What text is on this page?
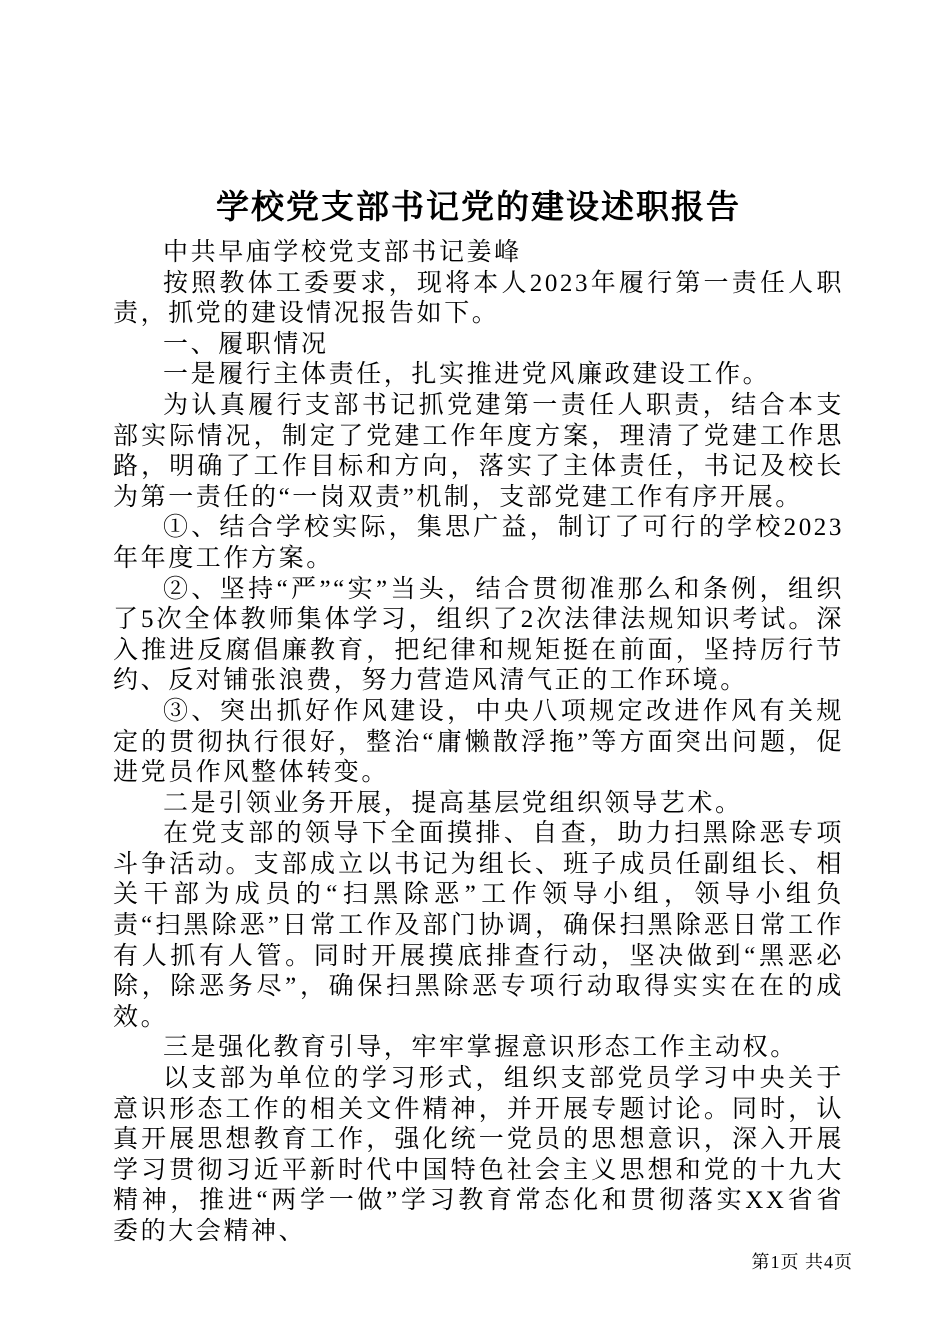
学校党支部书记党的建设述职报告

中共早庙学校党支部书记姜峰

按照教体工委要求，现将本人2023年履行第一责任人职责，抓党的建设情况报告如下。

一、履职情况

一是履行主体责任，扎实推进党风廉政建设工作。

为认真履行支部书记抓党建第一责任人职责，结合本支部实际情况，制定了党建工作年度方案，理清了党建工作思路，明确了工作目标和方向，落实了主体责任，书记及校长为第一责任的“一岗双责”机制，支部党建工作有序开展。

①、结合学校实际，集思广益，制订了可行的学校2023年年度工作方案。

②、坚持“严”“实”当头，结合贯彻准那么和条例，组织了5次全体教师集体学习，组织了2次法律法规知识考试。深入推进反腐倡廉教育，把纪律和规矩挺在前面，坚持厉行节约、反对铺张浪费，努力营造风清气正的工作环境。

③、突出抓好作风建设，中央八项规定改进作风有关规定的贯彻执行很好，整治“庸懒散浮拖”等方面突出问题，促进党员作风整体转变。

二是引领业务开展，提高基层党组织领导艺术。

在党支部的领导下全面摸排、自查，助力扫黑除恶专项斗争活动。支部成立以书记为组长、班子成员任副组长、相关干部为成员的“扫黑除恶”工作领导小组，领导小组负责“扫黑除恶”日常工作及部门协调，确保扫黑除恶日常工作有人抓有人管。同时开展摸底排查行动，坚决做到“黑恶必除，除恶务尽”，确保扫黑除恶专项行动取得实实在在的成效。

三是强化教育引导，牢牢掌握意识形态工作主动权。

以支部为单位的学习形式，组织支部党员学习中央关于意识形态工作的相关文件精神，并开展专题讨论。同时，认真开展思想教育工作，强化统一党员的思想意识，深入开展学习贯彻习近平新时代中国特色社会主义思想和党的十九大精神，推进“两学一做”学习教育常态化和贯彻落实XX省省委的大会精神、

第1页 共4页
